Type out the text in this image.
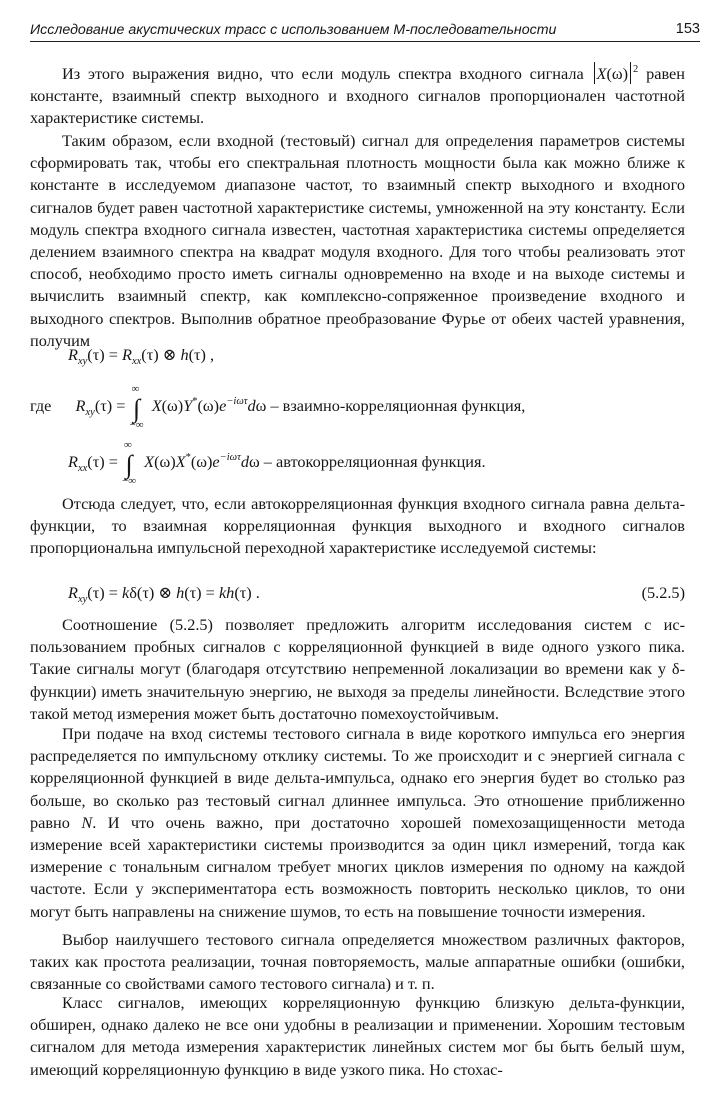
Исследование акустических трасс с использованием М-последовательности	153

Из этого выражения видно, что если модуль спектра входного сигнала X(ω) $^2$ равен константе, взаимный спектр выходного и входного сигналов пропорционален частотной характеристике системы.

Таким образом, если входной (тестовый) сигнал для определения параметров системы сформировать так, чтобы его спектральная плотность мощности была как можно ближе к константе в исследуемом диапазоне частот, то взаимный спектр выходного и входного сигналов будет равен частотной характеристике системы, умноженной на эту константу. Если модуль спектра входного сигнала известен, частотная характеристика системы определяется делением взаимного спектра на квадрат модуля входного. Для того чтобы реализовать этот способ, необходимо просто иметь сигналы одновременно на входе и на выходе системы и вычислить взаимный спектр, как комплексно-сопряженное произведение входного и выходного спектров. Выполнив обратное преобразование Фурье от обеих частей уравнения, получим

$R_{xy}(\tau) = R_{xx}(\tau)$ ⊗ h(τ) ,
где $R_{xy}(\tau)$ = ∫
∞
−∞
$X(\omega)Y^*(\omega)e^{-i\omega\tau}d\omega$ – взаимно-корреляционная функция,
$R_{xx}(\tau)$ = ∫
∞
−∞
$X(\omega)X^*(\omega)e^{-i\omega\tau}d\omega$ – автокорреляционная функция.

Отсюда следует, что, если автокорреляционная функция входного сигнала равна дельта-функции, то взаимная корреляционная функция выходного и входного сигналов пропорциональна импульсной переходной характеристике исследуемой системы:

$R_{xy}(\tau) = k\delta(\tau)$ ⊗ h(τ) = kh(τ) .	(5.2.5)

Соотношение (5.2.5) позволяет предложить алгоритм исследования систем с использованием пробных сигналов с корреляционной функцией в виде одного узкого пика. Такие сигналы могут (благодаря отсутствию непременной локализации во времени как у δ-функции) иметь значительную энергию, не выходя за пределы линейности. Вследствие этого такой метод измерения может быть достаточно помехоустойчивым.

При подаче на вход системы тестового сигнала в виде короткого импульса его энергия распределяется по импульсному отклику системы. То же происходит и с энергией сигнала с корреляционной функцией в виде дельта-импульса, однако его энергия будет во столько раз больше, во сколько раз тестовый сигнал длиннее импульса. Это отношение приближенно равно N. И что очень важно, при достаточно хорошей помехозащищенности метода измерение всей характеристики системы производится за один цикл измерений, тогда как измерение с тональным сигналом требует многих циклов измерения по одному на каждой частоте. Если у экспериментатора есть возможность повторить несколько циклов, то они могут быть направлены на снижение шумов, то есть на повышение точности измерения.

Выбор наилучшего тестового сигнала определяется множеством различных факторов, таких как простота реализации, точная повторяемость, малые аппаратные ошибки (ошибки, связанные со свойствами самого тестового сигнала) и т. п.

Класс сигналов, имеющих корреляционную функцию близкую дельта-функции, обширен, однако далеко не все они удобны в реализации и применении. Хорошим тестовым сигналом для метода измерения характеристик линейных систем мог бы быть белый шум, имеющий корреляционную функцию в виде узкого пика. Но стохас-
